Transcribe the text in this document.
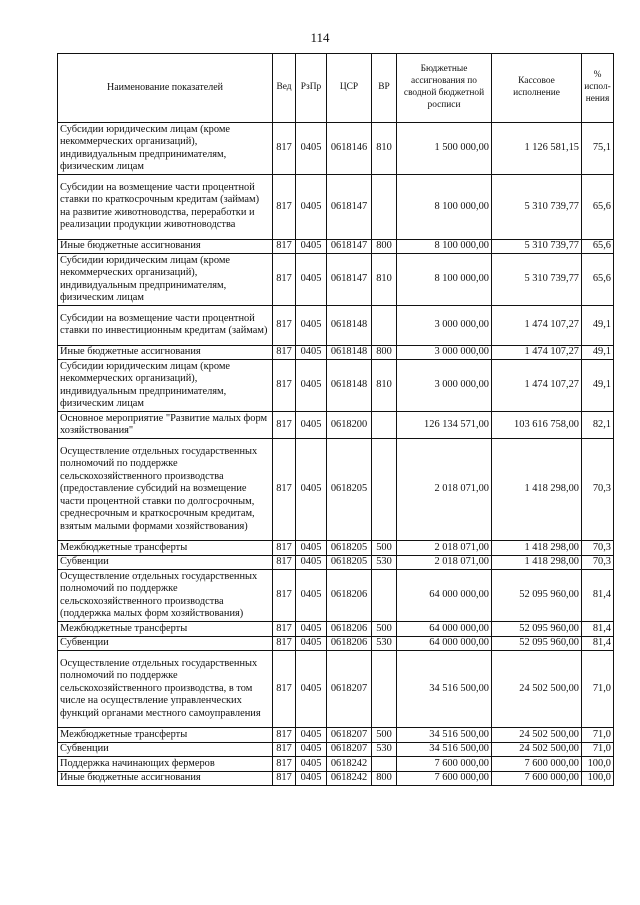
114
Наименование показателей	Вед	РзПр	ЦСР	ВР	Бюджетные ассигнования по сводной бюджетной росписи	Кассовое исполнение	% испол-нения
Субсидии юридическим лицам (кроме некоммерческих организаций), индивидуальным предпринимателям, физическим лицам	817	0405	0618146	810	1 500 000,00	1 126 581,15	75,1
Субсидии на возмещение части процентной ставки по краткосрочным кредитам (займам) на развитие животноводства, переработки и реализации продукции животноводства	817	0405	0618147		8 100 000,00	5 310 739,77	65,6
Иные бюджетные ассигнования	817	0405	0618147	800	8 100 000,00	5 310 739,77	65,6
Субсидии юридическим лицам (кроме некоммерческих организаций), индивидуальным предпринимателям, физическим лицам	817	0405	0618147	810	8 100 000,00	5 310 739,77	65,6
Субсидии на возмещение части процентной ставки по инвестиционным кредитам (займам)	817	0405	0618148		3 000 000,00	1 474 107,27	49,1
Иные бюджетные ассигнования	817	0405	0618148	800	3 000 000,00	1 474 107,27	49,1
Субсидии юридическим лицам (кроме некоммерческих организаций), индивидуальным предпринимателям, физическим лицам	817	0405	0618148	810	3 000 000,00	1 474 107,27	49,1
Основное мероприятие "Развитие малых форм хозяйствования"	817	0405	0618200		126 134 571,00	103 616 758,00	82,1
Осуществление отдельных государственных полномочий по поддержке сельскохозяйственного производства (предоставление субсидий на возмещение части процентной ставки по долгосрочным, среднесрочным и краткосрочным кредитам, взятым малыми формами хозяйствования)	817	0405	0618205		2 018 071,00	1 418 298,00	70,3
Межбюджетные трансферты	817	0405	0618205	500	2 018 071,00	1 418 298,00	70,3
Субвенции	817	0405	0618205	530	2 018 071,00	1 418 298,00	70,3
Осуществление отдельных государственных полномочий по поддержке сельскохозяйственного производства (поддержка малых форм хозяйствования)	817	0405	0618206		64 000 000,00	52 095 960,00	81,4
Межбюджетные трансферты	817	0405	0618206	500	64 000 000,00	52 095 960,00	81,4
Субвенции	817	0405	0618206	530	64 000 000,00	52 095 960,00	81,4
Осуществление отдельных государственных полномочий по поддержке сельскохозяйственного производства, в том числе на осуществление управленческих функций органами местного самоуправления	817	0405	0618207		34 516 500,00	24 502 500,00	71,0
Межбюджетные трансферты	817	0405	0618207	500	34 516 500,00	24 502 500,00	71,0
Субвенции	817	0405	0618207	530	34 516 500,00	24 502 500,00	71,0
Поддержка начинающих фермеров	817	0405	0618242		7 600 000,00	7 600 000,00	100,0
Иные бюджетные ассигнования	817	0405	0618242	800	7 600 000,00	7 600 000,00	100,0
